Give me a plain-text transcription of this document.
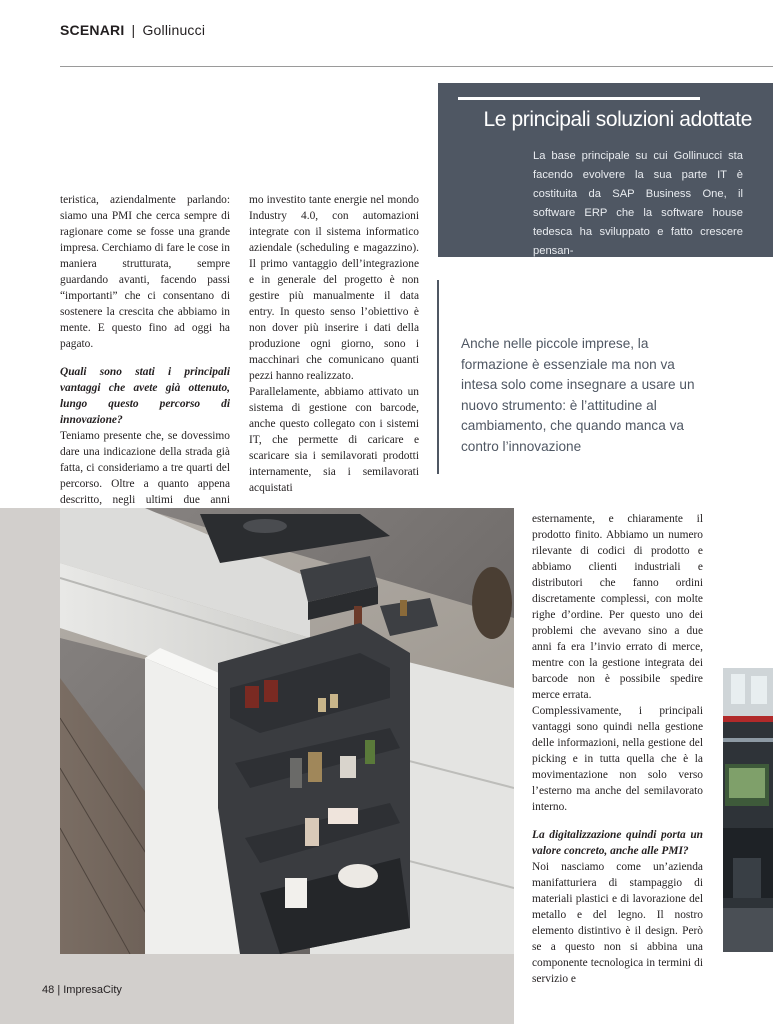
SCENARI | Gollinucci
Le principali soluzioni adottate
La base principale su cui Gollinucci sta facendo evolvere la sua parte IT è costituita da SAP Business One, il software ERP che la software house tedesca ha sviluppato e fatto crescere pensan-

teristica, aziendalmente parlando: siamo una PMI che cerca sempre di ragionare come se fosse una grande impresa. Cerchiamo di fare le cose in maniera strutturata, sempre guardando avanti, facendo passi “importanti” che ci consentano di sostenere la crescita che abbiamo in mente. E questo fino ad oggi ha pagato.

Quali sono stati i principali vantaggi che avete già ottenuto, lungo questo percorso di innovazione?

Teniamo presente che, se dovessimo dare una indicazione della strada già fatta, ci consideriamo a tre quarti del percorso. Oltre a quanto appena descritto, negli ultimi due anni

mo investito tante energie nel mondo Industry 4.0, con automazioni integrate con il sistema informatico aziendale (scheduling e magazzino). Il primo vantaggio dell’integrazione e in generale del progetto è non gestire più manualmente il data entry. In questo senso l’obiettivo è non dover più inserire i dati della produzione ogni giorno, sono i macchinari che comunicano quanti pezzi hanno realizzato.

Parallelamente, abbiamo attivato un sistema di gestione con barcode, anche questo collegato con i sistemi IT, che permette di caricare e scaricare sia i semilavorati prodotti internamente, sia i semilavorati acquistati

Anche nelle piccole imprese, la formazione è essenziale ma non va intesa solo come insegnare a usare un nuovo strumento: è l’attitudine al cambiamento, che quando manca va contro l’innovazione

esternamente, e chiaramente il prodotto finito. Abbiamo un numero rilevante di codici di prodotto e abbiamo clienti industriali e distributori che fanno ordini discretamente complessi, con molte righe d’ordine. Per questo uno dei problemi che avevano sino a due anni fa era l’invio errato di merce, mentre con la gestione integrata dei barcode non è possibile spedire merce errata.

Complessivamente, i principali vantaggi sono quindi nella gestione delle informazioni, nella gestione del picking e in tutta quella che è la movimentazione non solo verso l’esterno ma anche del semilavorato interno.

La digitalizzazione quindi porta un valore concreto, anche alle PMI?

Noi nasciamo come un’azienda manifatturiera di stampaggio di materiali plastici e di lavorazione del metallo e del legno. Il nostro elemento distintivo è il design. Però se a questo non si abbina una componente tecnologica in termini di servizio e

48 | ImpresaCity
